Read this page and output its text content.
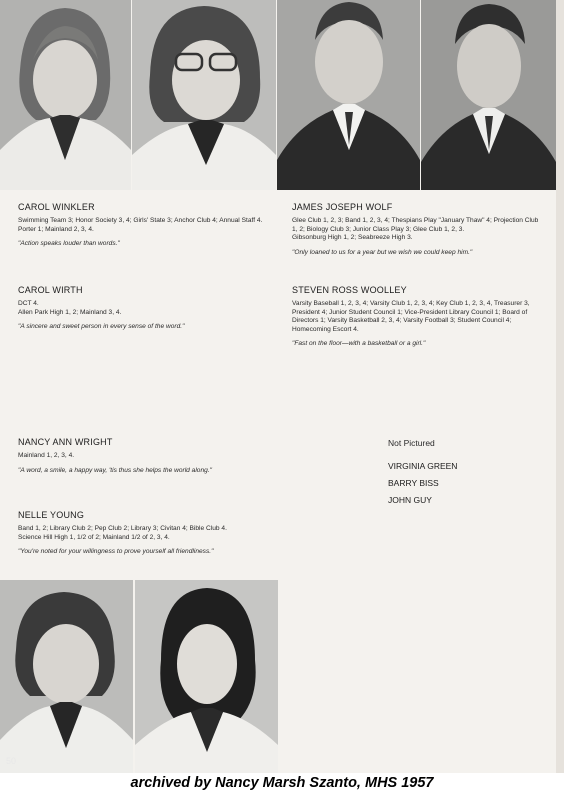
CAROL WINKLER

Swimming Team 3; Honor Society 3, 4; Girls' State 3; Anchor Club 4; Annual Staff 4.

Porter 1; Mainland 2, 3, 4.

"Action speaks louder than words."

CAROL WIRTH

DCT 4.

Allen Park High 1, 2; Mainland 3, 4.

"A sincere and sweet person in every sense of the word."

JAMES JOSEPH WOLF

Glee Club 1, 2, 3; Band 1, 2, 3, 4; Thespians Play "January Thaw" 4; Projection Club 1, 2; Biology Club 3; Junior Class Play 3; Glee Club 1, 2, 3.

Gibsonburg High 1, 2; Seabreeze High 3.

"Only loaned to us for a year but we wish we could keep him."

STEVEN ROSS WOOLLEY

Varsity Baseball 1, 2, 3, 4; Varsity Club 1, 2, 3, 4; Key Club 1, 2, 3, 4, Treasurer 3, President 4; Junior Student Council 1; Vice-President Library Council 1; Board of Directors 1; Varsity Basketball 2, 3, 4; Varsity Football 3; Student Council 4; Homecoming Escort 4.

"Fast on the floor—with a basketball or a girl."

NANCY ANN WRIGHT

Mainland 1, 2, 3, 4.

"A word, a smile, a happy way, 'tis thus she helps the world along."

NELLE YOUNG

Band 1, 2; Library Club 2; Pep Club 2; Library 3; Civitan 4; Bible Club 4.

Science Hill High 1, 1/2 of 2; Mainland 1/2 of 2, 3, 4.

"You're noted for your willingness to prove yourself all friendliness."

Not Pictured

VIRGINIA GREEN

BARRY BISS

JOHN GUY

50
archived by Nancy Marsh Szanto, MHS 1957
